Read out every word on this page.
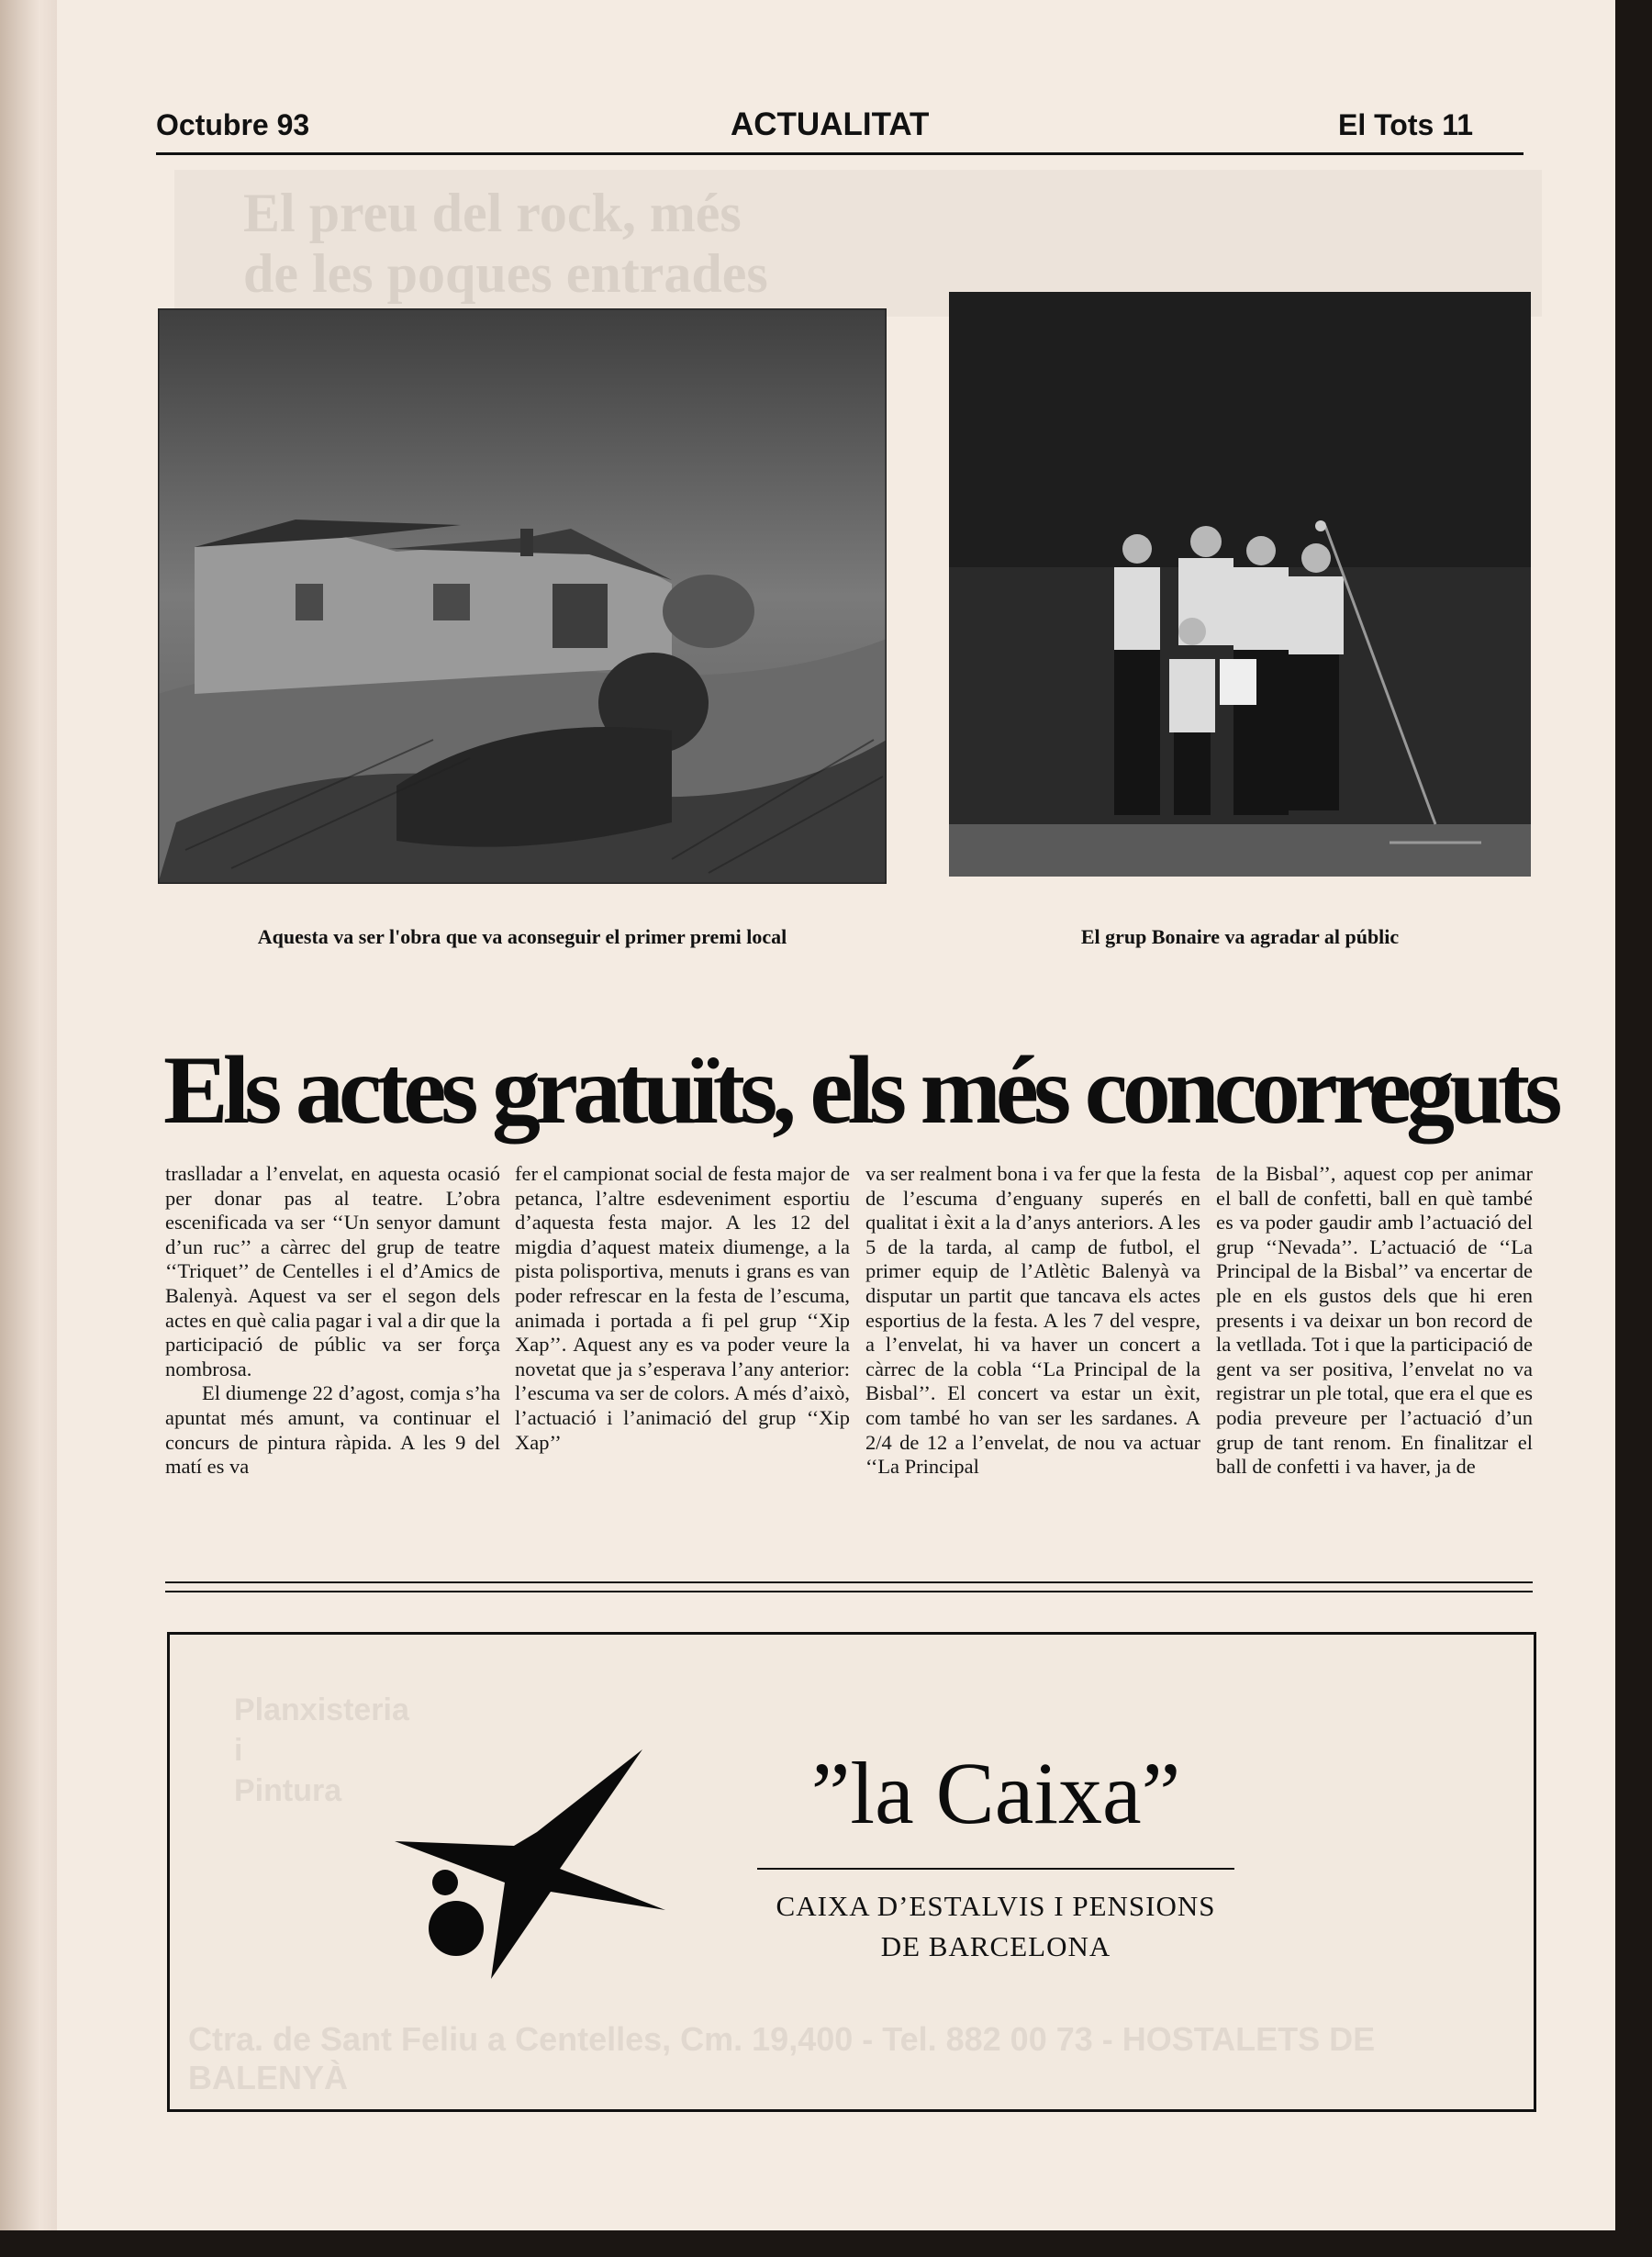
Octubre 93	ACTUALITAT	El Tots 11
El preu del rock, més
de les poques entrades
Aquesta va ser l'obra que va aconseguir el primer premi local	El grup Bonaire va agradar al públic
Els actes gratuïts, els més concorreguts

traslladar a l’envelat, en aquesta ocasió per donar pas al teatre. L’obra escenificada va ser ‘‘Un senyor damunt d’un ruc’’ a càrrec del grup de teatre ‘‘Triquet’’ de Centelles i el d’Amics de Balenyà. Aquest va ser el segon dels actes en què calia pagar i val a dir que la participació de públic va ser força nombrosa.

El diumenge 22 d’agost, comja s’ha apuntat més amunt, va continuar el concurs de pintura ràpida. A les 9 del matí es va

fer el campionat social de festa major de petanca, l’altre esdeveniment esportiu d’aquesta festa major. A les 12 del migdia d’aquest mateix diumenge, a la pista polisportiva, menuts i grans es van poder refrescar en la festa de l’escuma, animada i portada a fi pel grup ‘‘Xip Xap’’. Aquest any es va poder veure la novetat que ja s’esperava l’any anterior: l’escuma va ser de colors. A més d’això, l’actuació i l’animació del grup ‘‘Xip Xap’’

va ser realment bona i va fer que la festa de l’escuma d’enguany superés en qualitat i èxit a la d’anys anteriors. A les 5 de la tarda, al camp de futbol, el primer equip de l’Atlètic Balenyà va disputar un partit que tancava els actes esportius de la festa. A les 7 del vespre, a l’envelat, hi va haver un concert a càrrec de la cobla ‘‘La Principal de la Bisbal’’. El concert va estar un èxit, com també ho van ser les sardanes. A 2/4 de 12 a l’envelat, de nou va actuar ‘‘La Principal

de la Bisbal’’, aquest cop per animar el ball de confetti, ball en què també es va poder gaudir amb l’actuació del grup ‘‘Nevada’’. L’actuació de ‘‘La Principal de la Bisbal’’ va encertar de ple en els gustos dels que hi eren presents i va deixar un bon record de la vetllada. Tot i que la participació de gent va ser positiva, l’envelat no va registrar un ple total, que era el que es podia preveure per l’actuació d’un grup de tant renom. En finalitzar el ball de confetti i va haver, ja de

Planxisteria
i
Pintura
Ctra. de Sant Feliu a Centelles, Cm. 19,400 - Tel. 882 00 73 - HOSTALETS DE BALENYÀ
”la Caixa”
CAIXA D’ESTALVIS I PENSIONS
DE BARCELONA
